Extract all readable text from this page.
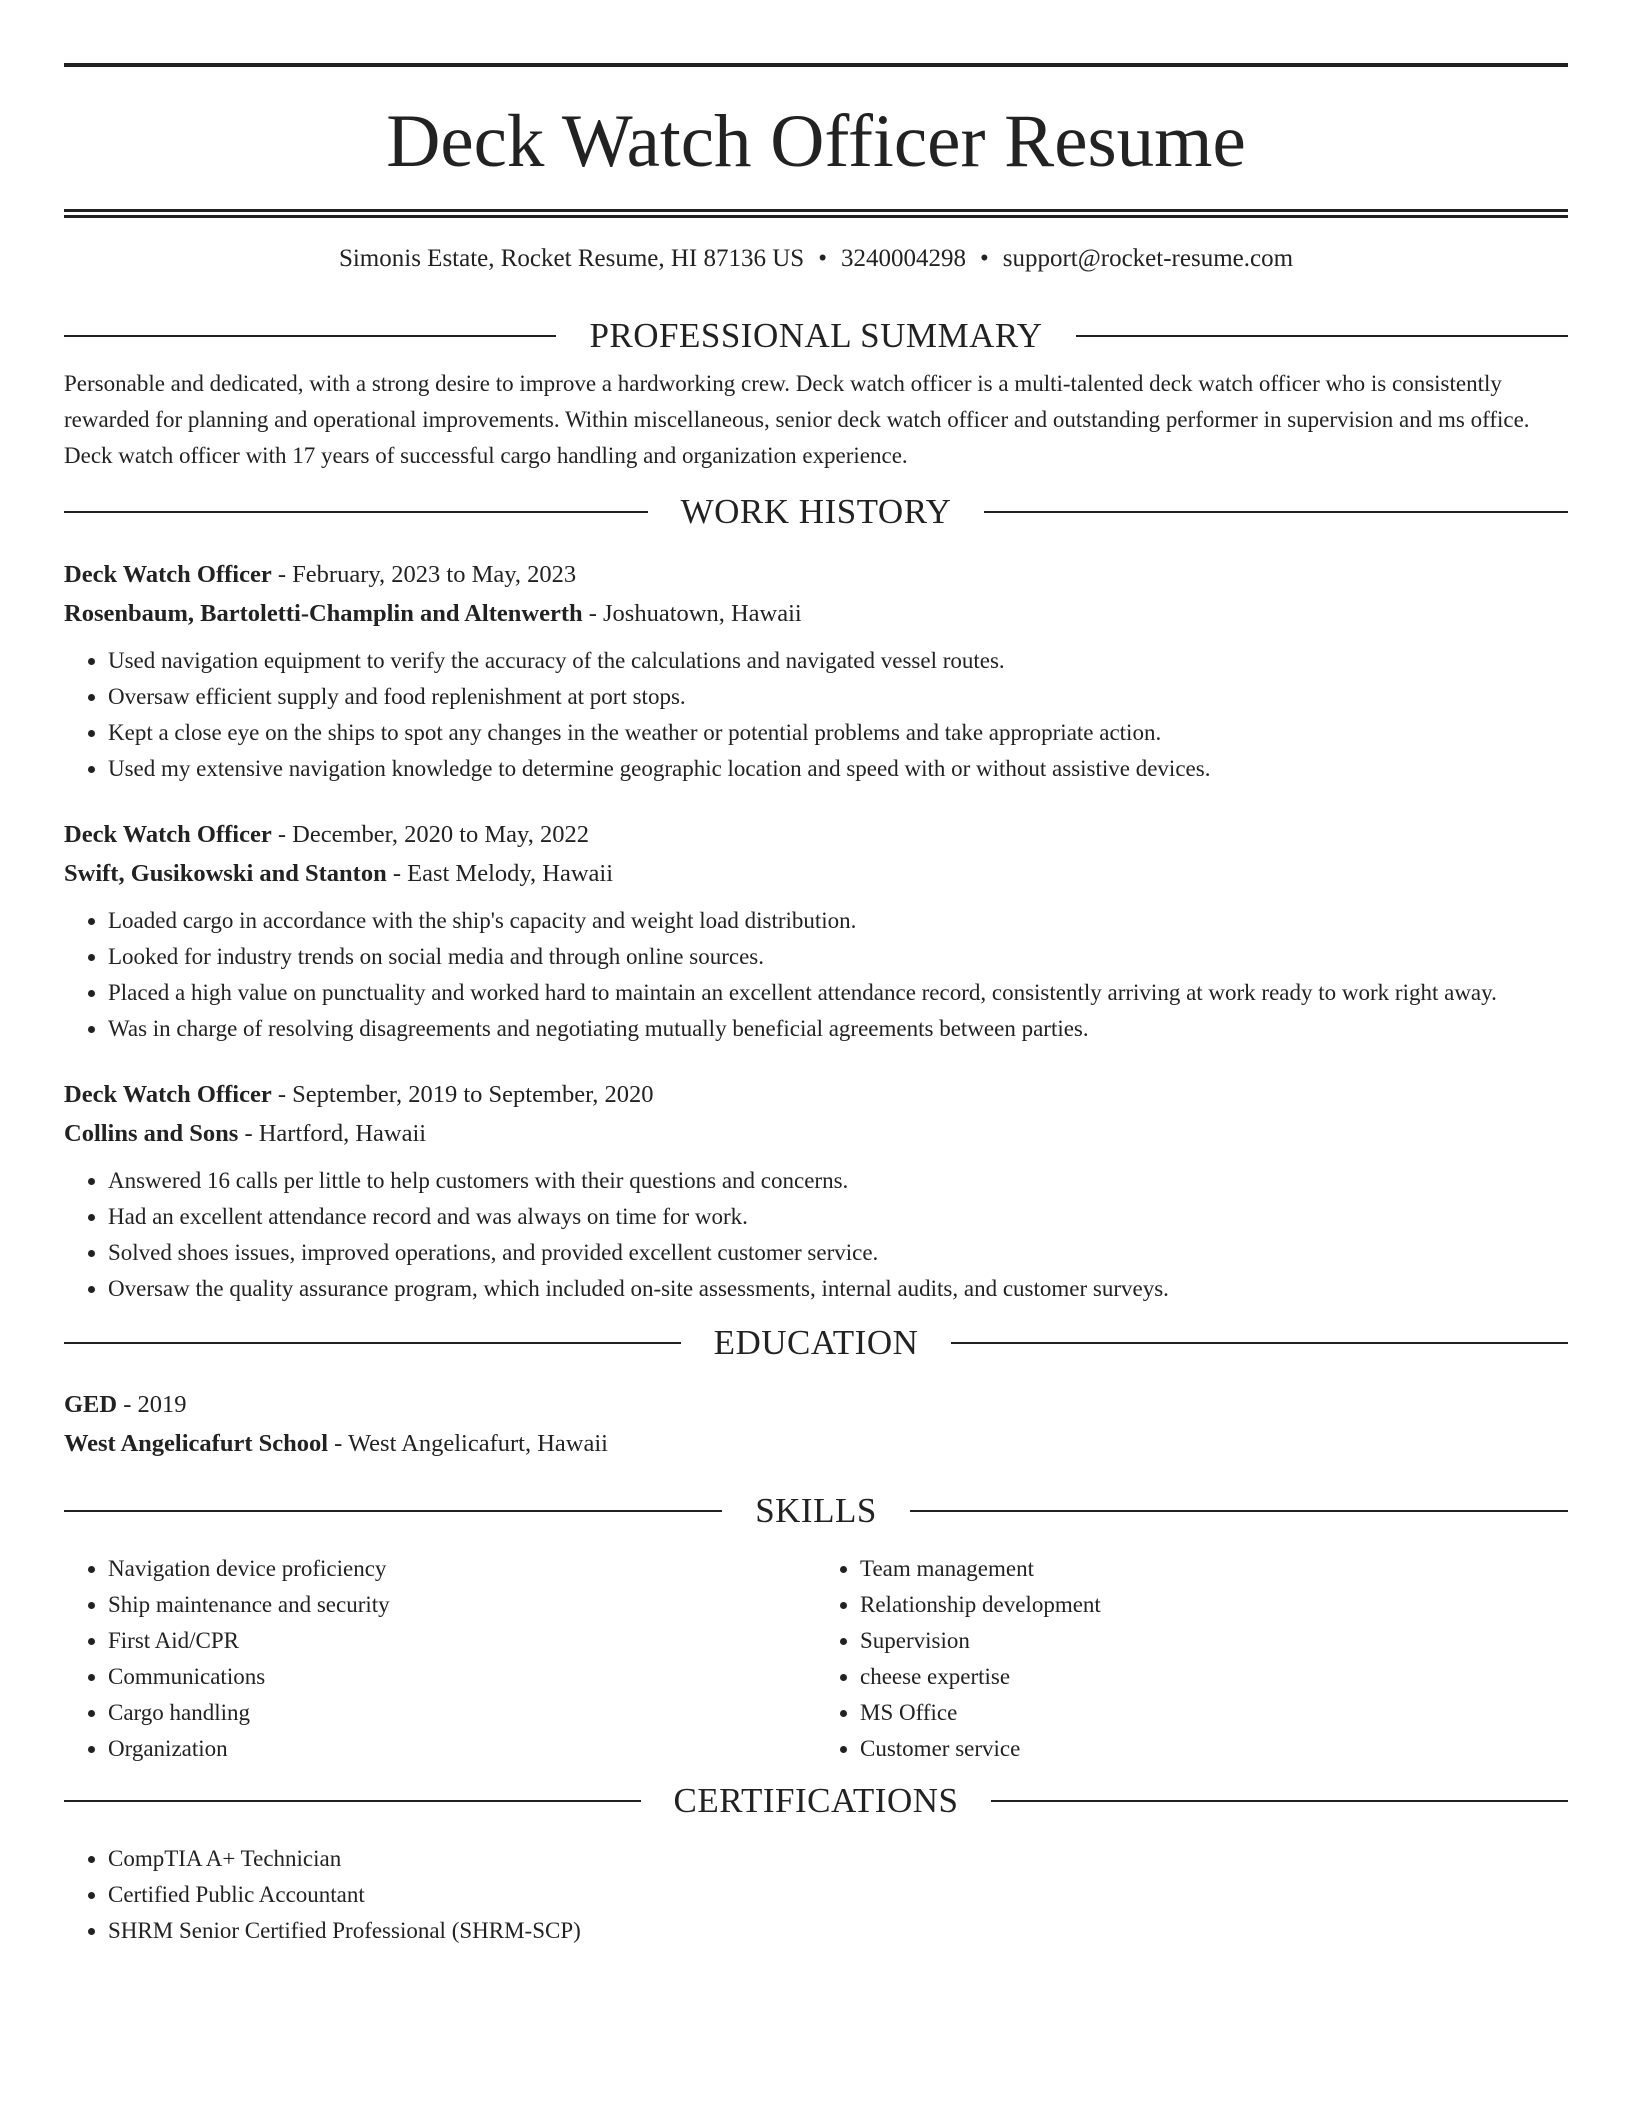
Deck Watch Officer Resume
Simonis Estate, Rocket Resume, HI 87136 US • 3240004298 • support@rocket-resume.com
PROFESSIONAL SUMMARY
Personable and dedicated, with a strong desire to improve a hardworking crew. Deck watch officer is a multi-talented deck watch officer who is consistently rewarded for planning and operational improvements. Within miscellaneous, senior deck watch officer and outstanding performer in supervision and ms office. Deck watch officer with 17 years of successful cargo handling and organization experience.
WORK HISTORY
Deck Watch Officer - February, 2023 to May, 2023
Rosenbaum, Bartoletti-Champlin and Altenwerth - Joshuatown, Hawaii
• Used navigation equipment to verify the accuracy of the calculations and navigated vessel routes.
• Oversaw efficient supply and food replenishment at port stops.
• Kept a close eye on the ships to spot any changes in the weather or potential problems and take appropriate action.
• Used my extensive navigation knowledge to determine geographic location and speed with or without assistive devices.
Deck Watch Officer - December, 2020 to May, 2022
Swift, Gusikowski and Stanton - East Melody, Hawaii
• Loaded cargo in accordance with the ship's capacity and weight load distribution.
• Looked for industry trends on social media and through online sources.
• Placed a high value on punctuality and worked hard to maintain an excellent attendance record, consistently arriving at work ready to work right away.
• Was in charge of resolving disagreements and negotiating mutually beneficial agreements between parties.
Deck Watch Officer - September, 2019 to September, 2020
Collins and Sons - Hartford, Hawaii
• Answered 16 calls per little to help customers with their questions and concerns.
• Had an excellent attendance record and was always on time for work.
• Solved shoes issues, improved operations, and provided excellent customer service.
• Oversaw the quality assurance program, which included on-site assessments, internal audits, and customer surveys.
EDUCATION
GED - 2019
West Angelicafurt School - West Angelicafurt, Hawaii
SKILLS
• Navigation device proficiency
• Ship maintenance and security
• First Aid/CPR
• Communications
• Cargo handling
• Organization
• Team management
• Relationship development
• Supervision
• cheese expertise
• MS Office
• Customer service
CERTIFICATIONS
• CompTIA A+ Technician
• Certified Public Accountant
• SHRM Senior Certified Professional (SHRM-SCP)
